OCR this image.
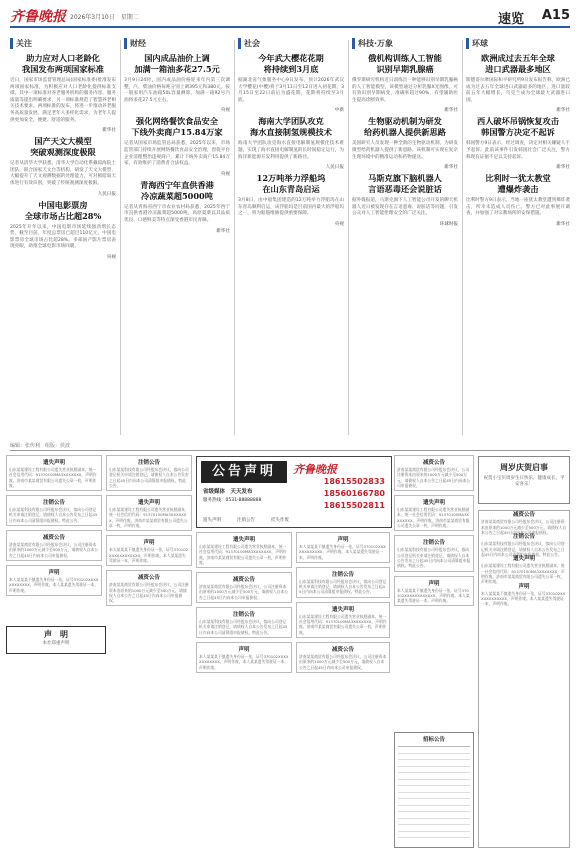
齐鲁晚报 2026年3月10日　星期二	速览 A15
关注
助力应对人口老龄化
我国发布两项国家标准
近日，国家市场监督管理总局(国家标准委)批准发布两项国家标准，为积极应对人口老龄化提供标准支撑。其中一项标准对养老服务机构的服务内容、服务质量等提出明确要求，另一项标准规范了智慧养老相关技术要求。两项标准的发布，将进一步推动养老服务高质量发展，满足老年人多样化需求，为老年人提供更加安全、便捷、舒适的服务。
新华社
国产天文大模型
突破观测深度极限
记者从清华大学获悉，清华大学自动化系戴琼海院士团队，联合国家天文台等机构，研发了天文大模型，大幅提升了天文观测数据的处理能力，可对极暗弱天体进行有效识别，突破了传统观测深度极限。
人民日报
中国电影票房
全球市场占比超28%
2025年开年以来，中国电影市场延续强劲增长态势，截至目前，年度总票房已超过110亿元，中国电影票房全球市场占比超28%。多部国产影片票房表现亮眼，助推全球电影市场回暖。
央视
财经
国内成品油价上调
加满一箱油多花27.5元
3月9日24时，国内成品油价格迎来年内第三次调整，汽、柴油价格每吨分别上调395元和380元。按一般家用汽车油箱50L容量测算，加满一箱92号汽油将多花27.5元左右。
央视
强化网络餐饮食品安全
下线外卖商户15.84万家
记者从国家市场监管总局获悉，2025年以来，市场监管部门持续开展网络餐饮食品安全治理，督促平台企业清理整治违规商户，累计下线外卖商户15.84万家，有效维护了消费者合法权益。
央视
青海西宁年直供香港
冷凉蔬菜超5000吨
记者从青海省西宁市农业农村局获悉，2025年西宁市直供香港冷凉蔬菜超5000吨，高原夏菜以其品质优良、口感鲜美等特点深受香港市民青睐。
新华社
社会
今年武大樱花花期
将持续到3月底
据湖北省气象服务中心9日发布，预计2026年武汉大学樱花(中樱)将于3月11日至12日进入初花期，3月15日至22日前后为盛花期，花期将持续至3月底。
中新
海南大学团队攻克
海水直接制氢规模技术
海南大学团队攻克海水直接电解制氢规模化技术难题，实现了海水直接电解制氢的长时间稳定运行，为海洋新能源开发利用提供了新路径。
人民日报
12万吨举力浮船坞
在山东青岛启运
3月8日，由中船集团建造的12万吨举力浮船坞在山东青岛顺利启运，该浮船坞是目前国内最大的浮船坞之一，将为船舶维修提供重要保障。
央视
科技·万象
俄机构训练人工智能
识别早期乳腺癌
俄罗斯研究机构近日训练出一种能够识别早期乳腺癌的人工智能模型，该模型通过分析乳腺X光图像，可有效识别早期病变，准确率超过90%，有望辅助医生提高诊断效率。
新华社
生物驱动机制为研发
给药机器人提供新思路
美国研究人员发现一种全新的生物驱动机制，为研发微型给药机器人提供了新思路。该机制可实现在复杂生理环境中的精准运动和药物递送。
新华社
马斯克旗下脑机器人
言语恶毒还会说脏话
据外媒报道，马斯克旗下人工智能公司开发的聊天机器人近日被发现存在言语恶毒、说脏话等问题，引发公众对人工智能伦理安全的广泛关注。
环球时报
环球
欧洲成过去五年全球
进口武器最多地区
斯德哥尔摩国际和平研究所9日发布报告称，欧洲已成为过去五年全球进口武器最多的地区，进口量较前五年大幅增长，乌克兰成为全球最大武器进口国。
新华社
西人破坏吊锅恢复攻击
韩国警方决定不起诉
韩国警方9日表示，经过调查，决定对相关嫌疑人不予起诉。此前该事件引发韩国社会广泛关注，警方称现有证据不足以支持起诉。
新华社
比利时一犹太教堂
遭爆炸袭击
比利时警方9日表示，当地一座犹太教堂遭到爆炸袭击，所幸未造成人员伤亡。警方已对此事展开调查，并加强了对宗教场所的安保措施。
新华社
编辑：张传利　组版：侯波
遗失声明
山东某某建设工程有限公司遗失营业执照副本，统一社会信用代码：91370100MA3XXXXXXX，声明作废。济南市某某商贸有限公司遗失公章一枚，声明作废。
注销公告
山东某某科技有限公司经股东会决议，拟向公司登记机关申请注销登记，请债权人自本公告发布之日起45日内向本公司清算组申报债权。特此公告。
减资公告
济南某某商贸有限公司经股东会决议，公司注册资本由原来的1000万元减少至500万元，请债权人自本公告之日起45日内向本公司申报债权。
声明
本人某某某不慎遗失身份证一张，证号370102XXXXXXXXXXXX，声明作废。本人某某遗失驾驶证一本，声明作废。
声　明
本社郑重声明
注销公告
山东某某科技有限公司经股东会决议，拟向公司登记机关申请注销登记，请债权人自本公告发布之日起45日内向本公司清算组申报债权。特此公告。
遗失声明
山东某某建设工程有限公司遗失营业执照副本，统一社会信用代码：91370100MA3XXXXXXX，声明作废。济南市某某商贸有限公司遗失公章一枚，声明作废。
声明
本人某某某不慎遗失身份证一张，证号370102XXXXXXXXXXXX，声明作废。本人某某遗失驾驶证一本，声明作废。
减资公告
济南某某商贸有限公司经股东会决议，公司注册资本由原来的1000万元减少至500万元，请债权人自本公告之日起45日内向本公司申报债权。
公告声明	齐鲁晚报
省级媒体　天天发布
服务热线：0531-88888888
18615502833
18560166780
18615502811
遗失声明	注销公告	挂失作废
遗失声明
山东某某建设工程有限公司遗失营业执照副本，统一社会信用代码：91370100MA3XXXXXXX，声明作废。济南市某某商贸有限公司遗失公章一枚，声明作废。
减资公告
济南某某商贸有限公司经股东会决议，公司注册资本由原来的1000万元减少至500万元，请债权人自本公告之日起45日内向本公司申报债权。
注销公告
山东某某科技有限公司经股东会决议，拟向公司登记机关申请注销登记，请债权人自本公告发布之日起45日内向本公司清算组申报债权。特此公告。
声明
本人某某某不慎遗失身份证一张，证号370102XXXXXXXXXXXX，声明作废。本人某某遗失驾驶证一本，声明作废。
声明
本人某某某不慎遗失身份证一张，证号370102XXXXXXXXXXXX，声明作废。本人某某遗失驾驶证一本，声明作废。
注销公告
山东某某科技有限公司经股东会决议，拟向公司登记机关申请注销登记，请债权人自本公告发布之日起45日内向本公司清算组申报债权。特此公告。
遗失声明
山东某某建设工程有限公司遗失营业执照副本，统一社会信用代码：91370100MA3XXXXXXX，声明作废。济南市某某商贸有限公司遗失公章一枚，声明作废。
减资公告
济南某某商贸有限公司经股东会决议，公司注册资本由原来的1000万元减少至500万元，请债权人自本公告之日起45日内向本公司申报债权。
减资公告
济南某某商贸有限公司经股东会决议，公司注册资本由原来的1000万元减少至500万元，请债权人自本公告之日起45日内向本公司申报债权。
遗失声明
山东某某建设工程有限公司遗失营业执照副本，统一社会信用代码：91370100MA3XXXXXXX，声明作废。济南市某某商贸有限公司遗失公章一枚，声明作废。
注销公告
山东某某科技有限公司经股东会决议，拟向公司登记机关申请注销登记，请债权人自本公告发布之日起45日内向本公司清算组申报债权。特此公告。
声明
本人某某某不慎遗失身份证一张，证号370102XXXXXXXXXXXX，声明作废。本人某某遗失驾驶证一本，声明作废。
周岁庆贺启事
祝贺小宝贝周岁生日快乐，健康成长，平安喜乐！
减资公告
济南某某商贸有限公司经股东会决议，公司注册资本由原来的1000万元减少至500万元，请债权人自本公告之日起45日内向本公司申报债权。
注销公告
山东某某科技有限公司经股东会决议，拟向公司登记机关申请注销登记，请债权人自本公告发布之日起45日内向本公司清算组申报债权。特此公告。
遗失声明
山东某某建设工程有限公司遗失营业执照副本，统一社会信用代码：91370100MA3XXXXXXX，声明作废。济南市某某商贸有限公司遗失公章一枚，声明作废。
声明
本人某某某不慎遗失身份证一张，证号370102XXXXXXXXXXXX，声明作废。本人某某遗失驾驶证一本，声明作废。
招标公告
